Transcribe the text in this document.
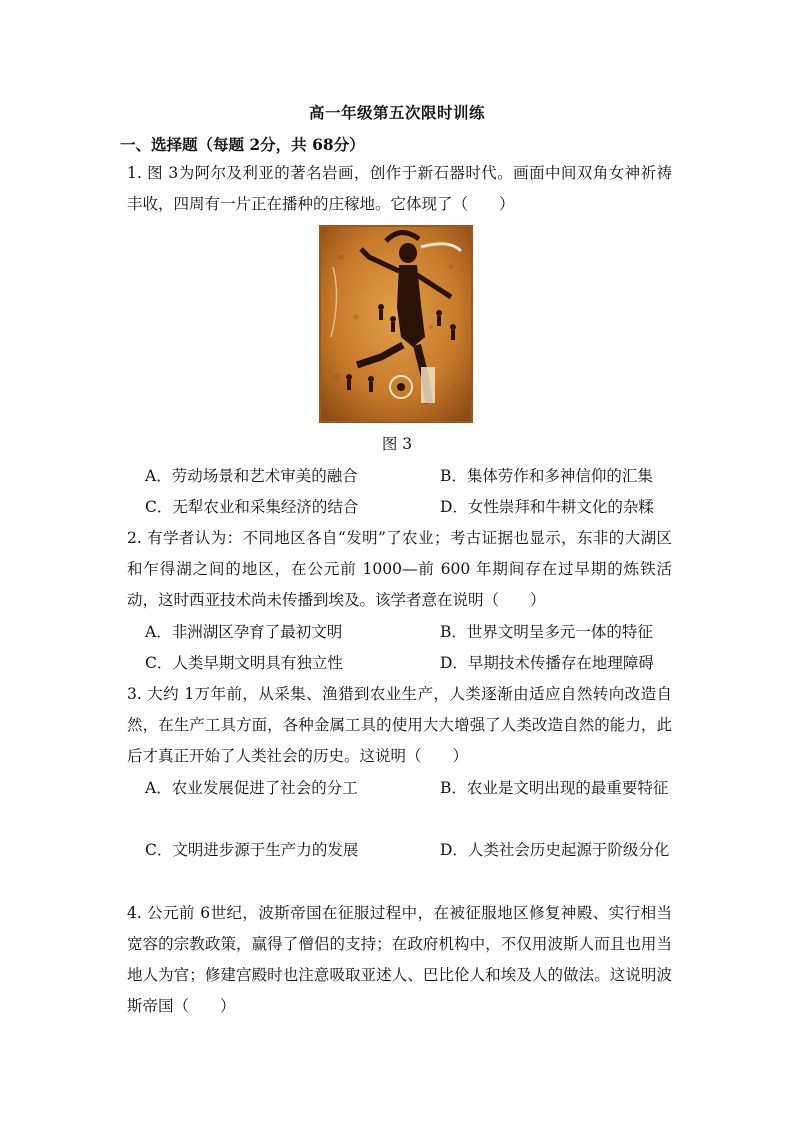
高一年级第五次限时训练
一、选择题（每题 2分，共 68分）
1. 图 3为阿尔及利亚的著名岩画，创作于新石器时代。画面中间双角女神祈祷丰收，四周有一片正在播种的庄稼地。它体现了（　　）
图 3
A．劳动场景和艺术审美的融合	B．集体劳作和多神信仰的汇集
C．无犁农业和采集经济的结合	D．女性崇拜和牛耕文化的杂糅
2. 有学者认为：不同地区各自“发明”了农业；考古证据也显示，东非的大湖区和乍得湖之间的地区，在公元前 1000—前 600 年期间存在过早期的炼铁活动，这时西亚技术尚未传播到埃及。该学者意在说明（　　）
A．非洲湖区孕育了最初文明	B．世界文明呈多元一体的特征
C．人类早期文明具有独立性	D．早期技术传播存在地理障碍
3. 大约 1万年前，从采集、渔猎到农业生产，人类逐渐由适应自然转向改造自然，在生产工具方面，各种金属工具的使用大大增强了人类改造自然的能力，此后才真正开始了人类社会的历史。这说明（　　）
A．农业发展促进了社会的分工	B．农业是文明出现的最重要特征
C．文明进步源于生产力的发展	D．人类社会历史起源于阶级分化
4. 公元前 6世纪，波斯帝国在征服过程中，在被征服地区修复神殿、实行相当宽容的宗教政策，赢得了僧侣的支持；在政府机构中，不仅用波斯人而且也用当地人为官；修建宫殿时也注意吸取亚述人、巴比伦人和埃及人的做法。这说明波斯帝国（　　）
